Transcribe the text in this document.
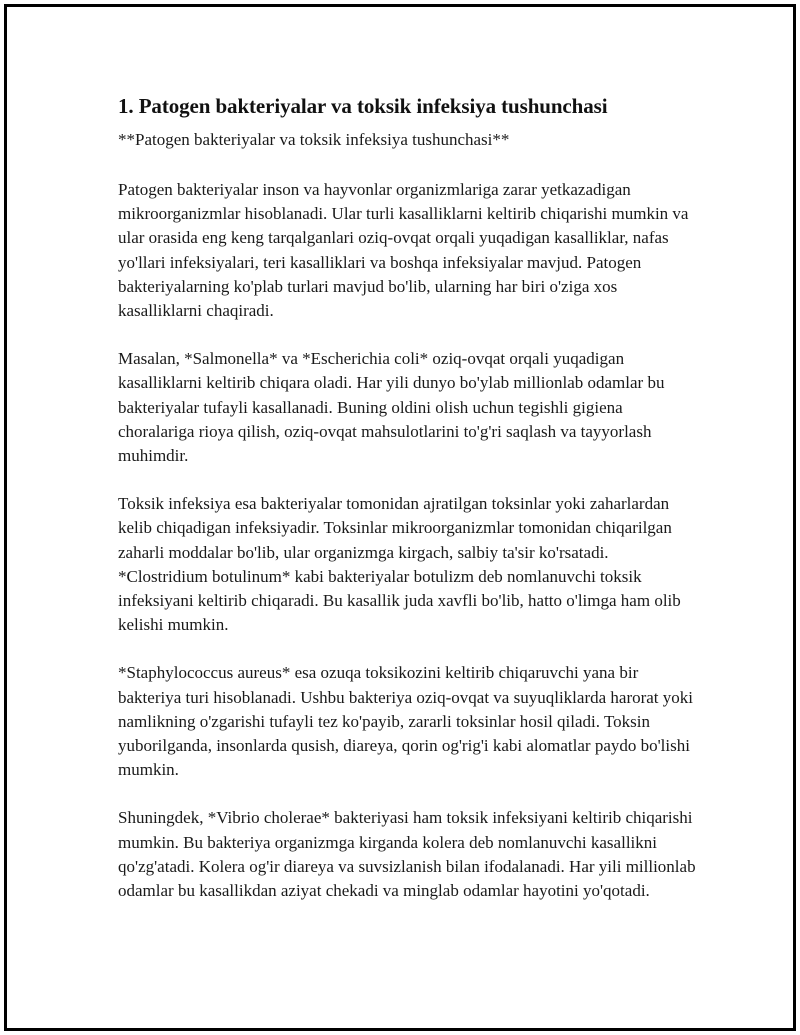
1. Patogen bakteriyalar va toksik infeksiya tushunchasi

**Patogen bakteriyalar va toksik infeksiya tushunchasi**

Patogen bakteriyalar inson va hayvonlar organizmlariga zarar yetkazadigan mikroorganizmlar hisoblanadi. Ular turli kasalliklarni keltirib chiqarishi mumkin va ular orasida eng keng tarqalganlari oziq-ovqat orqali yuqadigan kasalliklar, nafas yo'llari infeksiyalari, teri kasalliklari va boshqa infeksiyalar mavjud. Patogen bakteriyalarning ko'plab turlari mavjud bo'lib, ularning har biri o'ziga xos kasalliklarni chaqiradi.

Masalan, *Salmonella* va *Escherichia coli* oziq-ovqat orqali yuqadigan kasalliklarni keltirib chiqara oladi. Har yili dunyo bo'ylab millionlab odamlar bu bakteriyalar tufayli kasallanadi. Buning oldini olish uchun tegishli gigiena choralariga rioya qilish, oziq-ovqat mahsulotlarini to'g'ri saqlash va tayyorlash muhimdir.

Toksik infeksiya esa bakteriyalar tomonidan ajratilgan toksinlar yoki zaharlardan kelib chiqadigan infeksiyadir. Toksinlar mikroorganizmlar tomonidan chiqarilgan zaharli moddalar bo'lib, ular organizmga kirgach, salbiy ta'sir ko'rsatadi. *Clostridium botulinum* kabi bakteriyalar botulizm deb nomlanuvchi toksik infeksiyani keltirib chiqaradi. Bu kasallik juda xavfli bo'lib, hatto o'limga ham olib kelishi mumkin.

*Staphylococcus aureus* esa ozuqa toksikozini keltirib chiqaruvchi yana bir bakteriya turi hisoblanadi. Ushbu bakteriya oziq-ovqat va suyuqliklarda harorat yoki namlikning o'zgarishi tufayli tez ko'payib, zararli toksinlar hosil qiladi. Toksin yuborilganda, insonlarda qusish, diareya, qorin og'rig'i kabi alomatlar paydo bo'lishi mumkin.

Shuningdek, *Vibrio cholerae* bakteriyasi ham toksik infeksiyani keltirib chiqarishi mumkin. Bu bakteriya organizmga kirganda kolera deb nomlanuvchi kasallikni qo'zg'atadi. Kolera og'ir diareya va suvsizlanish bilan ifodalanadi. Har yili millionlab odamlar bu kasallikdan aziyat chekadi va minglab odamlar hayotini yo'qotadi.
